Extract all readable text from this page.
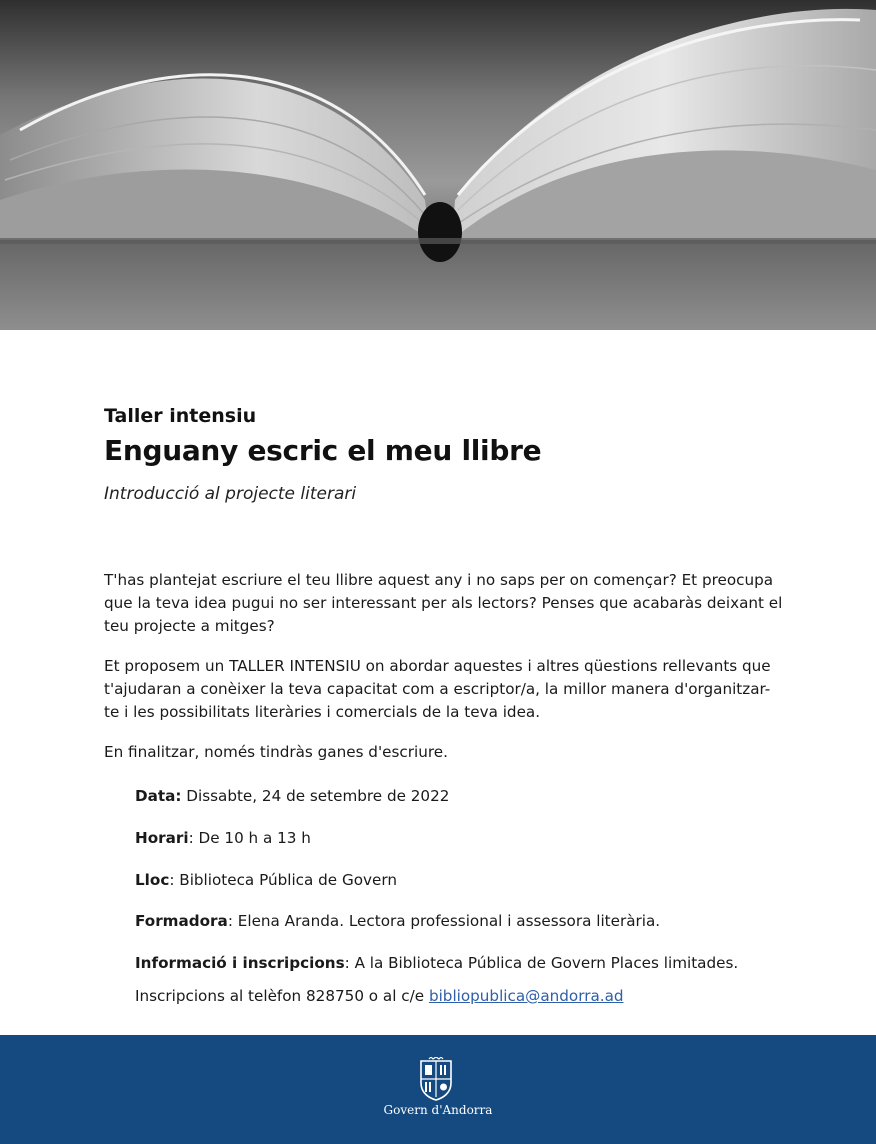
Taller intensiu
Enguany escric el meu llibre
Introducció al projecte literari

T'has plantejat escriure el teu llibre aquest any i no saps per on començar? Et preocupa que la teva idea pugui no ser interessant per als lectors? Penses que acabaràs deixant el teu projecte a mitges?

Et proposem un TALLER INTENSIU on abordar aquestes i altres qüestions rellevants que t'ajudaran a conèixer la teva capacitat com a escriptor/a, la millor manera d'organitzar-te i les possibilitats literàries i comercials de la teva idea.

En finalitzar, només tindràs ganes d'escriure.

Data: Dissabte, 24 de setembre de 2022
Horari: De 10 h a 13 h
Lloc: Biblioteca Pública de Govern
Formadora: Elena Aranda. Lectora professional i assessora literària.
Informació i inscripcions: A la Biblioteca Pública de Govern Places limitades.
Inscripcions al telèfon 828750 o al c/e bibliopublica@andorra.ad
Govern d'Andorra
